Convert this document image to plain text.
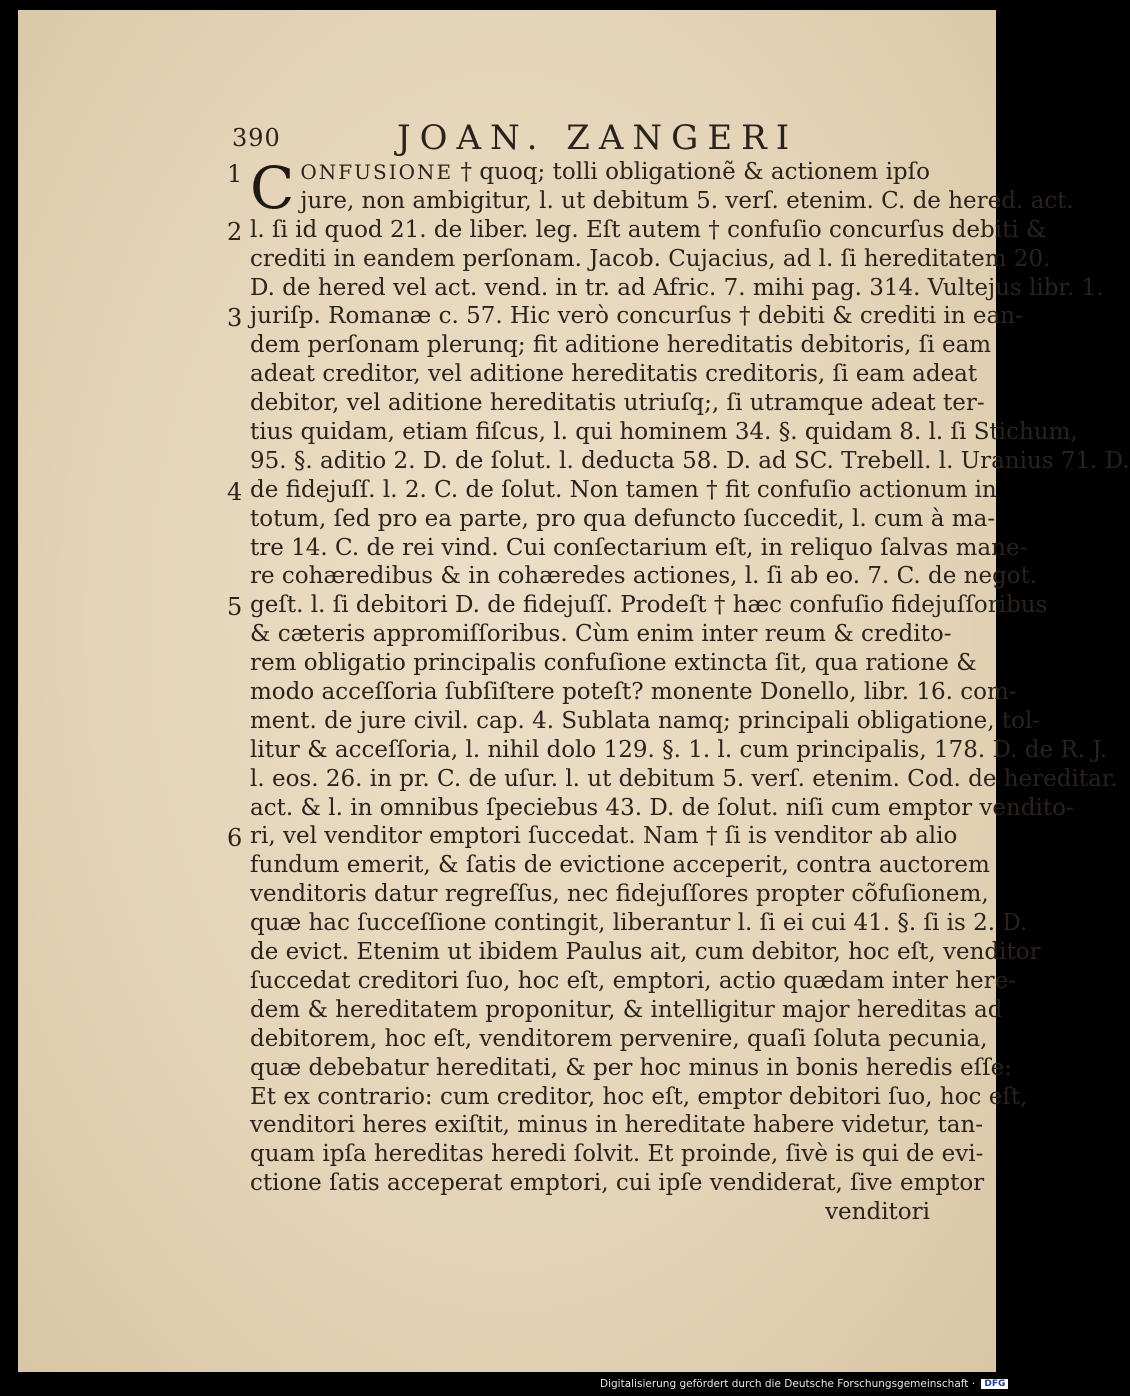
390	JOAN. ZANGERI
1
2
3
4
5
6
C ONFUSIONE † quoq; tolli obligationẽ & actionem ipſo
jure, non ambigitur, l. ut debitum 5. verſ. etenim. C. de hered. act.
l. ſi id quod 21. de liber. leg. Eſt autem † confuſio concurſus debiti &
crediti in eandem perſonam. Jacob. Cujacius, ad l. ſi hereditatem 20.
D. de hered vel act. vend. in tr. ad Afric. 7. mihi pag. 314. Vultejus libr. 1.
juriſp. Romanæ c. 57. Hic verò concurſus † debiti & crediti in ean-
dem perſonam plerunq; fit aditione hereditatis debitoris, ſi eam
adeat creditor, vel aditione hereditatis creditoris, ſi eam adeat
debitor, vel aditione hereditatis utriuſq;, ſi utramque adeat ter-
tius quidam, etiam fiſcus, l. qui hominem 34. §. quidam 8. l. ſi Stichum,
95. §. aditio 2. D. de ſolut. l. deducta 58. D. ad SC. Trebell. l. Uranius 71. D.
de fidejuſſ. l. 2. C. de ſolut. Non tamen † fit confuſio actionum in
totum, ſed pro ea parte, pro qua defuncto ſuccedit, l. cum à ma-
tre 14. C. de rei vind. Cui conſectarium eſt, in reliquo ſalvas mane-
re cohæredibus & in cohæredes actiones, l. ſi ab eo. 7. C. de negot.
geſt. l. ſi debitori D. de fidejuſſ. Prodeſt † hæc confuſio fidejuſſoribus
& cæteris appromiſſoribus. Cùm enim inter reum & credito-
rem obligatio principalis confuſione extincta ſit, qua ratione &
modo acceſſoria ſubſiſtere poteſt? monente Donello, libr. 16. com-
ment. de jure civil. cap. 4. Sublata namq; principali obligatione, tol-
litur & acceſſoria, l. nihil dolo 129. §. 1. l. cum principalis, 178. D. de R. J.
l. eos. 26. in pr. C. de uſur. l. ut debitum 5. verſ. etenim. Cod. de hereditar.
act. & l. in omnibus ſpeciebus 43. D. de ſolut. niſi cum emptor vendito-
ri, vel venditor emptori ſuccedat. Nam † ſi is venditor ab alio
fundum emerit, & ſatis de evictione acceperit, contra auctorem
venditoris datur regreſſus, nec fidejuſſores propter cõfuſionem,
quæ hac ſucceſſione contingit, liberantur l. ſi ei cui 41. §. ſi is 2. D.
de evict. Etenim ut ibidem Paulus ait, cum debitor, hoc eſt, venditor
ſuccedat creditori ſuo, hoc eſt, emptori, actio quædam inter here-
dem & hereditatem proponitur, & intelligitur major hereditas ad
debitorem, hoc eſt, venditorem pervenire, quaſi ſoluta pecunia,
quæ debebatur hereditati, & per hoc minus in bonis heredis eſſe:
Et ex contrario: cum creditor, hoc eſt, emptor debitori ſuo, hoc eſt,
venditori heres exiſtit, minus in hereditate habere videtur, tan-
quam ipſa hereditas heredi ſolvit. Et proinde, ſivè is qui de evi-
ctione ſatis acceperat emptori, cui ipſe vendiderat, ſive emptor
venditori
Digitalisierung gefördert durch die Deutsche Forschungsgemeinschaft · DFG
